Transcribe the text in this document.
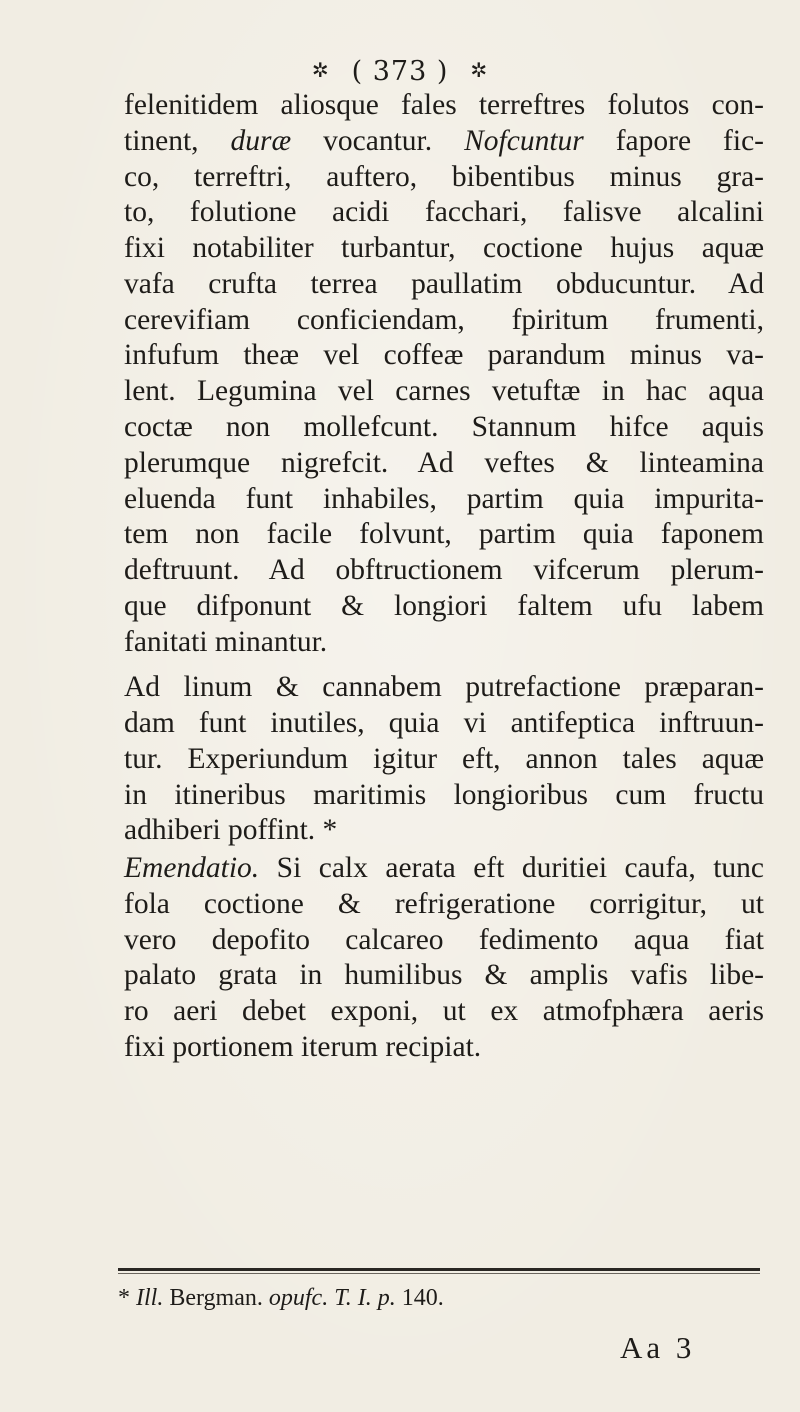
✲ ( 373 ) ✲
felenitidem aliosque fales terreftres folutos con-
tinent, duræ vocantur. Nofcuntur fapore fic-
co, terreftri, auftero, bibentibus minus gra-
to, folutione acidi facchari, falisve alcalini
fixi notabiliter turbantur, coctione hujus aquæ
vafa crufta terrea paullatim obducuntur. Ad
cerevifiam conficiendam, fpiritum frumenti,
infufum theæ vel coffeæ parandum minus va-
lent. Legumina vel carnes vetuftæ in hac aqua
coctæ non mollefcunt. Stannum hifce aquis
plerumque nigrefcit. Ad veftes & linteamina
eluenda funt inhabiles, partim quia impurita-
tem non facile folvunt, partim quia faponem
deftruunt. Ad obftructionem vifcerum plerum-
que difponunt & longiori faltem ufu labem
fanitati minantur.
Ad linum & cannabem putrefactione præparan-
dam funt inutiles, quia vi antifeptica inftruun-
tur. Experiundum igitur eft, annon tales aquæ
in itineribus maritimis longioribus cum fructu
adhiberi poffint. *
Emendatio. Si calx aerata eft duritiei caufa, tunc
fola coctione & refrigeratione corrigitur, ut
vero depofito calcareo fedimento aqua fiat
palato grata in humilibus & amplis vafis libe-
ro aeri debet exponi, ut ex atmofphæra aeris
fixi portionem iterum recipiat.
* Ill. Bergman. opufc. T. I. p. 140.
Aa 3
